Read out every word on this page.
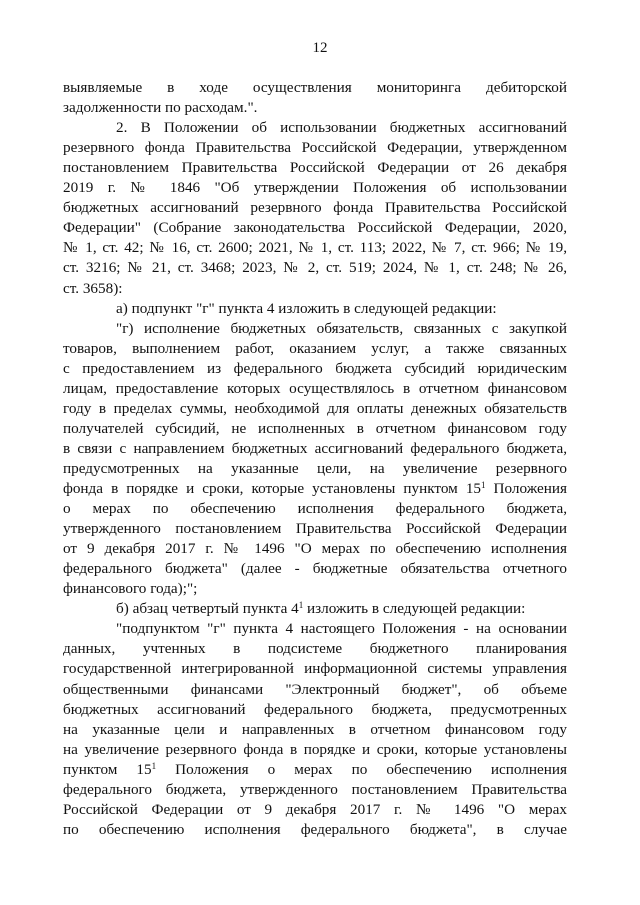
12
выявляемые в ходе осуществления мониторинга дебиторской
задолженности по расходам.".
2. В Положении об использовании бюджетных ассигнований
резервного фонда Правительства Российской Федерации, утвержденном
постановлением Правительства Российской Федерации от 26 декабря
2019 г. № 1846 "Об утверждении Положения об использовании
бюджетных ассигнований резервного фонда Правительства Российской
Федерации" (Собрание законодательства Российской Федерации, 2020,
№ 1, ст. 42; № 16, ст. 2600; 2021, № 1, ст. 113; 2022, № 7, ст. 966; № 19,
ст. 3216; № 21, ст. 3468; 2023, № 2, ст. 519; 2024, № 1, ст. 248; № 26,
ст. 3658):
а) подпункт "г" пункта 4 изложить в следующей редакции:
"г) исполнение бюджетных обязательств, связанных с закупкой
товаров, выполнением работ, оказанием услуг, а также связанных
с предоставлением из федерального бюджета субсидий юридическим
лицам, предоставление которых осуществлялось в отчетном финансовом
году в пределах суммы, необходимой для оплаты денежных обязательств
получателей субсидий, не исполненных в отчетном финансовом году
в связи с направлением бюджетных ассигнований федерального бюджета,
предусмотренных на указанные цели, на увеличение резервного
фонда в порядке и сроки, которые установлены пунктом $15^1$ Положения
о мерах по обеспечению исполнения федерального бюджета,
утвержденного постановлением Правительства Российской Федерации
от 9 декабря 2017 г. № 1496 "О мерах по обеспечению исполнения
федерального бюджета" (далее - бюджетные обязательства отчетного
финансового года);";
б) абзац четвертый пункта $4^1$ изложить в следующей редакции:
"подпунктом "г" пункта 4 настоящего Положения - на основании
данных, учтенных в подсистеме бюджетного планирования
государственной интегрированной информационной системы управления
общественными финансами "Электронный бюджет", об объеме
бюджетных ассигнований федерального бюджета, предусмотренных
на указанные цели и направленных в отчетном финансовом году
на увеличение резервного фонда в порядке и сроки, которые установлены
пунктом $15^1$ Положения о мерах по обеспечению исполнения
федерального бюджета, утвержденного постановлением Правительства
Российской Федерации от 9 декабря 2017 г. № 1496 "О мерах
по обеспечению исполнения федерального бюджета", в случае
